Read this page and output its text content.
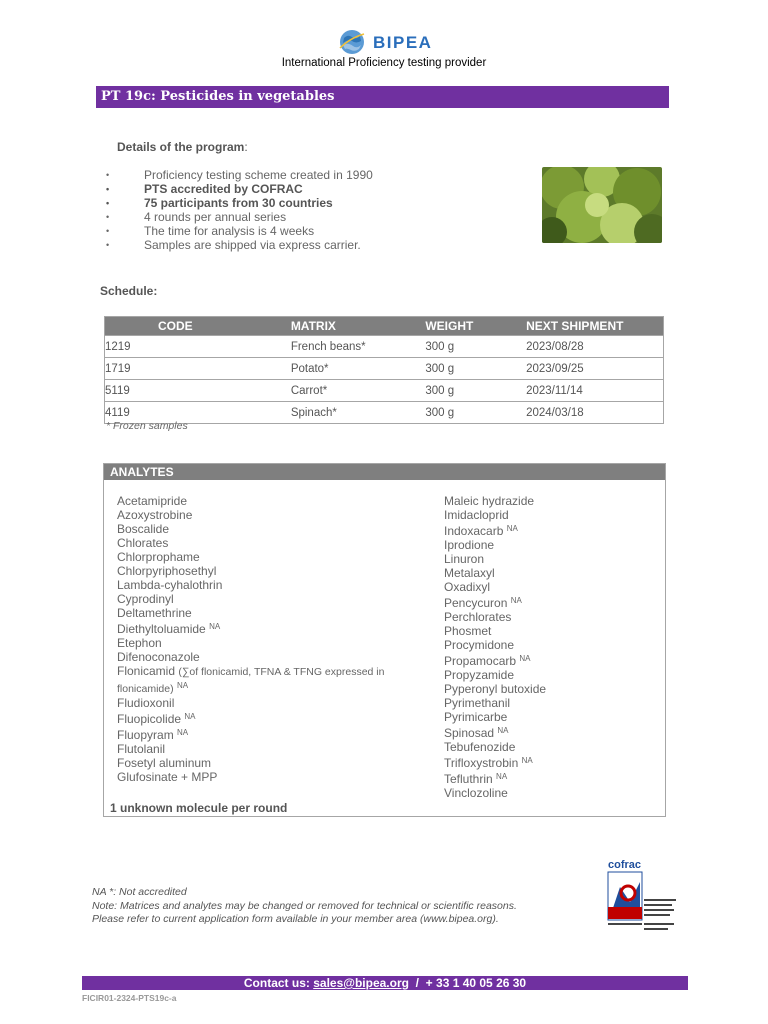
BIPEA
International Proficiency testing provider
PT 19c: Pesticides in vegetables
Details of the program:
•	Proficiency testing scheme created in 1990
•	PTS accredited by COFRAC
•	75 participants from 30 countries
•	4 rounds per annual series
•	The time for analysis is 4 weeks
•	Samples are shipped via express carrier.
Schedule:
CODE	MATRIX	WEIGHT	NEXT SHIPMENT
1219	French beans*	300 g	2023/08/28
1719	Potato*	300 g	2023/09/25
5119	Carrot*	300 g	2023/11/14
4119	Spinach*	300 g	2024/03/18
* Frozen samples
ANALYTES
Acetamipride
Azoxystrobine
Boscalide
Chlorates
Chlorprophame
Chlorpyriphosethyl
Lambda-cyhalothrin
Cyprodinyl
Deltamethrine
Diethyltoluamide $^{NA}$
Etephon
Difenoconazole
Flonicamid (∑of flonicamid, TFNA & TFNG expressed in
flonicamide) $^{NA}$
Fludioxonil
Fluopicolide $^{NA}$
Fluopyram $^{NA}$
Flutolanil
Fosetyl aluminum
Glufosinate + MPP
Maleic hydrazide
Imidacloprid
Indoxacarb $^{NA}$
Iprodione
Linuron
Metalaxyl
Oxadixyl
Pencycuron $^{NA}$
Perchlorates
Phosmet
Procymidone
Propamocarb $^{NA}$
Propyzamide
Pyperonyl butoxide
Pyrimethanil
Pyrimicarbe
Spinosad $^{NA}$
Tebufenozide
Trifloxystrobin $^{NA}$
Tefluthrin $^{NA}$
Vinclozoline
1 unknown molecule per round
NA *: Not accredited
Note: Matrices and analytes may be changed or removed for technical or scientific reasons.
Please refer to current application form available in your member area (www.bipea.org).
cofrac
Contact us: sales@bipea.org / + 33 1 40 05 26 30
FICIR01-2324-PTS19c-a
